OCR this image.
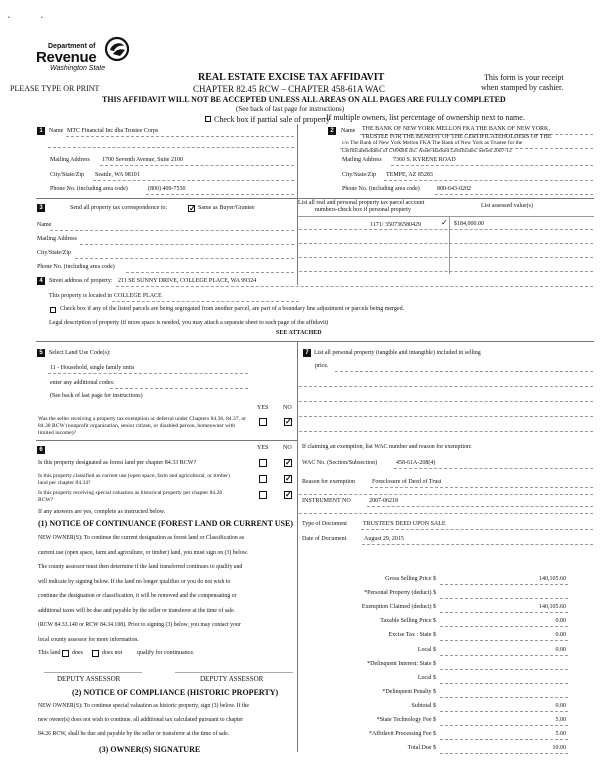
•                         • ·
Department of
Revenue
Washington State
PLEASE TYPE OR PRINT
REAL ESTATE EXCISE TAX AFFIDAVIT
CHAPTER 82.45 RCW – CHAPTER 458-61A WAC
This form is your receipt
when stamped by cashier.
THIS AFFIDAVIT WILL NOT BE ACCEPTED UNLESS ALL AREAS ON ALL PAGES ARE FULLY COMPLETED
(See back of last page for instructions)
Check box if partial sale of property
If multiple owners, list percentage of ownership next to name.
1	Name MTC Financial Inc dba Trustee Corps
Mailing Address 1700 Seventh Avenue, Suite 2100
City/State/Zip Seattle, WA 98101
Phone No. (including area code)	(800) 409-7530
2	Name THE BANK OF NEW YORK MELLON FKA THE BANK OF NEW YORK,
TRUSTEE FOR THE BENEFIT OF THE CERTIFICATEHOLDERS OF THE
c/o The Bank of New York Mellon FKA The Bank of New York as Trustee for the
Certificateholders of CWABS Inc. Asset-Backed Certificates, Series 2007-12
Mailing Address 7360 S. KYRENE ROAD
City/State/Zip TEMPE, AZ 85283
Phone No. (including area code)	800-643-0202
3	Send all property tax correspondence to:
✓	Same as Buyer/Grantee
List all real and personal property tax parcel account
numbers-check box if personal property
List assessed value(s)
Name	1171/ 350736580429	✓ $184,000.00
Mailing Address
City/State/Zip
Phone No. (including area code)
4	Street address of property: 211 SE SUNNY DRIVE, COLLEGE PLACE, WA 99324
This property is located in COLLEGE PLACE
Check box if any of the listed parcels are being segregated from another parcel, are part of a boundary line adjustment or parcels being merged.
Legal description of property (if more space is needed, you may attach a separate sheet to each page of the affidavit)
SEE ATTACHED
5	Select Land Use Code(s):
11 - Household, single family units
enter any additional codes:
(See back of last page for instructions)
YES NO
Was the seller receiving a property tax exemption or deferral under Chapters 84.36, 84.37, or 84.38 RCW (nonprofit organization, senior citizen, or disabled person, homeowner with limited income)?
✓
7 List all personal property (tangible and intangible) included in selling
price.
6	YES NO
Is this property designated as forest land per chapter 84.33 RCW?
✓
Is this property classified as current use (open space, farm and agricultural, or timber) land per chapter 84.34?
✓
Is this property receiving special valuation as historical property per chapter 84.26 RCW?
✓
If any answers are yes, complete as instructed below.
(1) NOTICE OF CONTINUANCE (FOREST LAND OR CURRENT USE)
NEW OWNER(S): To continue the current designation as forest land or Classification as
current use (open space, farm and agriculture, or timber) land, you must sign on (3) below.
The county assessor must then determine if the land transferred continues to qualify and
will indicate by signing below. If the land no longer qualifies or you do not wish to
continue the designation or classification, it will be removed and the compensating or
additional taxes will be due and payable by the seller or transferor at the time of sale.
(RCW 84.33.140 or RCW 84.34.108). Prior to signing (3) below, you may contact your
local county assessor for more information.
This land does	does not qualify for continuance.
DEPUTY ASSESSOR	DEPUTY ASSESSOR
(2) NOTICE OF COMPLIANCE (HISTORIC PROPERTY)
NEW OWNER(S): To continue special valuation as historic property, sign (3) below. If the
new owner(s) does not wish to continue, all additional tax calculated pursuant to chapter
84.26 RCW, shall be due and payable by the seller or transferor at the time of sale.
(3) OWNER(S) SIGNATURE
If claiming an exemption, list WAC number and reason for exemption:
WAC No. (Section/Subsection)	458-61A-208(4)
Reason for exemption	Foreclosure of Deed of Trust
INSTRUMENT NO	2007-06218
Type of Document	TRUSTEE'S DEED UPON SALE
Date of Document	August 29, 2015
Gross Selling Price $	140,105.60
*Personal Property (deduct) $
Exemption Claimed (deduct) $	140,105.60
Taxable Selling Price $	0.00
Excise Tax : State $	0.00
Local $	0.00
*Delinquent Interest: State $
Local $
*Delinquent Penalty $
Subtotal $	0.00
*State Technology Fee $	5.00
*Affidavit Processing Fee $	5.00
Total Due $	10.00
